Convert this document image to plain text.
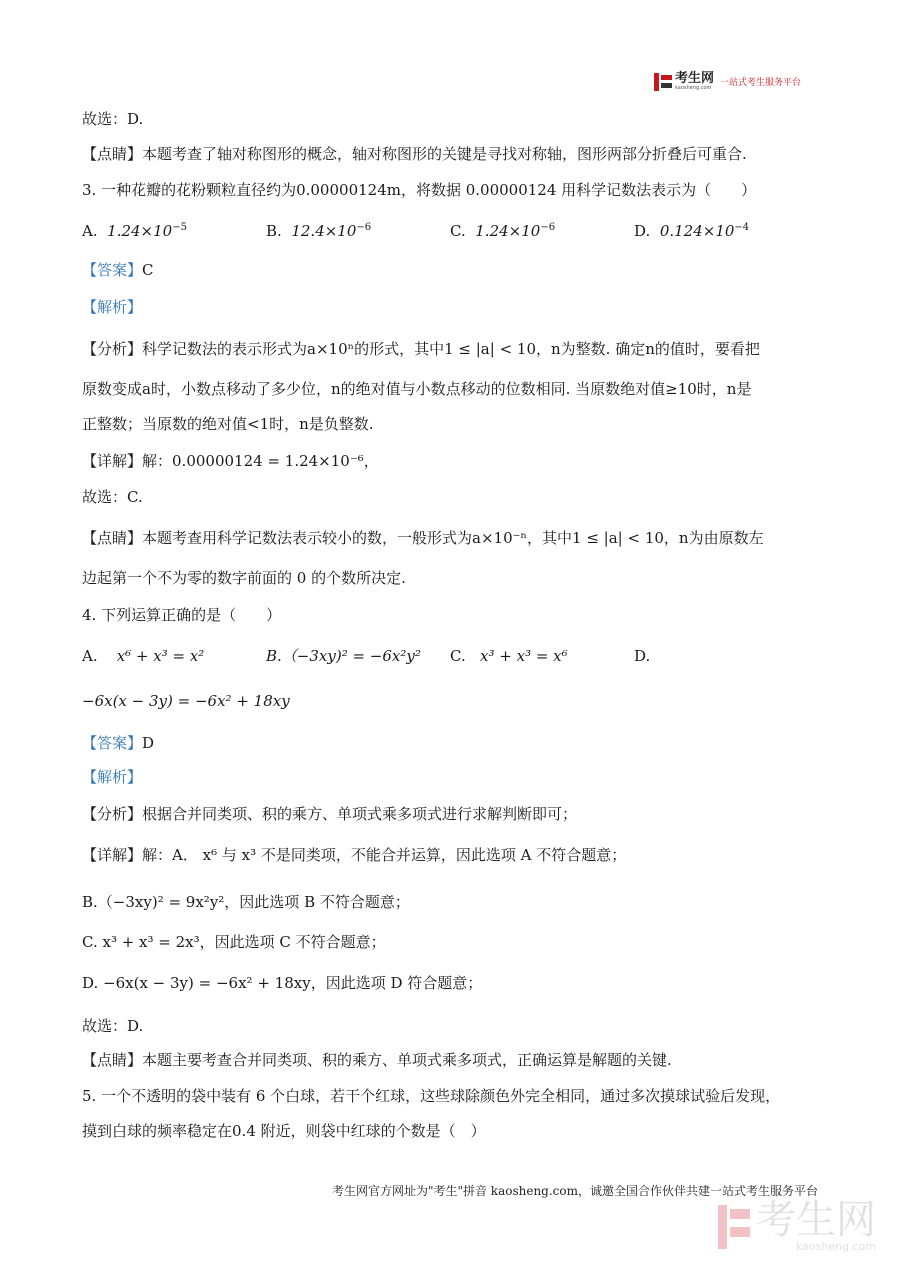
考生网
kaosheng.com 一站式考生服务平台
故选：D.
【点睛】本题考查了轴对称图形的概念，轴对称图形的关键是寻找对称轴，图形两部分折叠后可重合.
3. 一种花瓣的花粉颗粒直径约为0.00000124m，将数据 0.00000124 用科学记数法表示为（　　）
A. $1.24\times 10^{-5}$	B. $12.4\times 10^{-6}$	C. $1.24\times 10^{-6}$	D. $0.124\times 10^{-4}$
【答案】C
【解析】
【分析】科学记数法的表示形式为a×10ⁿ的形式，其中1 ≤ |a| < 10，n为整数. 确定n的值时，要看把
原数变成a时，小数点移动了多少位，n的绝对值与小数点移动的位数相同. 当原数绝对值≥10时，n是
正整数；当原数的绝对值<1时，n是负整数.
【详解】解：0.00000124 = 1.24×10⁻⁶，
故选：C.
【点睛】本题考查用科学记数法表示较小的数，一般形式为a×10⁻ⁿ，其中1 ≤ |a| < 10，n为由原数左
边起第一个不为零的数字前面的 0 的个数所决定.
4. 下列运算正确的是（　　）
A. x⁶ + x³ = x²	B.（−3xy)² = −6x²y² C. x³ + x³ = x⁶	D.
−6x(x − 3y) = −6x² + 18xy
【答案】D
【解析】
【分析】根据合并同类项、积的乘方、单项式乘多项式进行求解判断即可；
【详解】解：A． x⁶ 与 x³ 不是同类项，不能合并运算，因此选项 A 不符合题意；
B.（−3xy)² = 9x²y²，因此选项 B 不符合题意；
C. x³ + x³ = 2x³，因此选项 C 不符合题意；
D. −6x(x − 3y) = −6x² + 18xy，因此选项 D 符合题意；
故选：D.
【点睛】本题主要考查合并同类项、积的乘方、单项式乘多项式，正确运算是解题的关键.
5. 一个不透明的袋中装有 6 个白球，若干个红球，这些球除颜色外完全相同，通过多次摸球试验后发现，
摸到白球的频率稳定在0.4 附近，则袋中红球的个数是（　）
考生网官方网址为"考生"拼音 kaosheng.com，诚邀全国合作伙伴共建一站式考生服务平台
考生网
kaosheng.com
